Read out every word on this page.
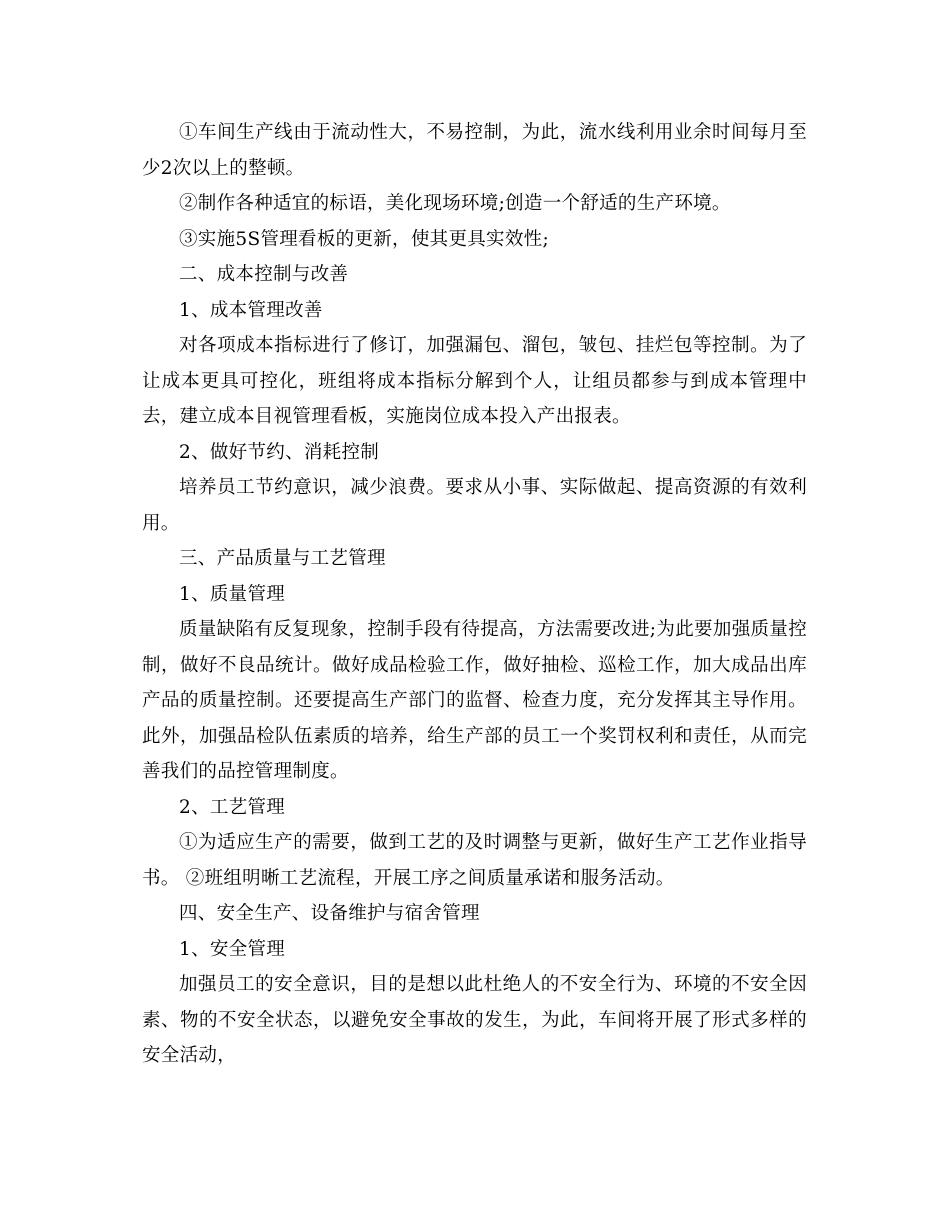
①车间生产线由于流动性大，不易控制，为此，流水线利用业余时间每月至少2次以上的整顿。

②制作各种适宜的标语，美化现场环境;创造一个舒适的生产环境。

③实施5S管理看板的更新，使其更具实效性;

二、成本控制与改善

1、成本管理改善

对各项成本指标进行了修订，加强漏包、溜包，皱包、挂烂包等控制。为了让成本更具可控化，班组将成本指标分解到个人，让组员都参与到成本管理中去，建立成本目视管理看板，实施岗位成本投入产出报表。

2、做好节约、消耗控制

培养员工节约意识，减少浪费。要求从小事、实际做起、提高资源的有效利用。

三、产品质量与工艺管理

1、质量管理

质量缺陷有反复现象，控制手段有待提高，方法需要改进;为此要加强质量控制，做好不良品统计。做好成品检验工作，做好抽检、巡检工作，加大成品出库产品的质量控制。还要提高生产部门的监督、检查力度，充分发挥其主导作用。此外，加强品检队伍素质的培养，给生产部的员工一个奖罚权利和责任，从而完善我们的品控管理制度。

2、工艺管理

①为适应生产的需要，做到工艺的及时调整与更新，做好生产工艺作业指导书。 ②班组明晰工艺流程，开展工序之间质量承诺和服务活动。

四、安全生产、设备维护与宿舍管理

1、安全管理

加强员工的安全意识，目的是想以此杜绝人的不安全行为、环境的不安全因素、物的不安全状态，以避免安全事故的发生，为此，车间将开展了形式多样的安全活动，
